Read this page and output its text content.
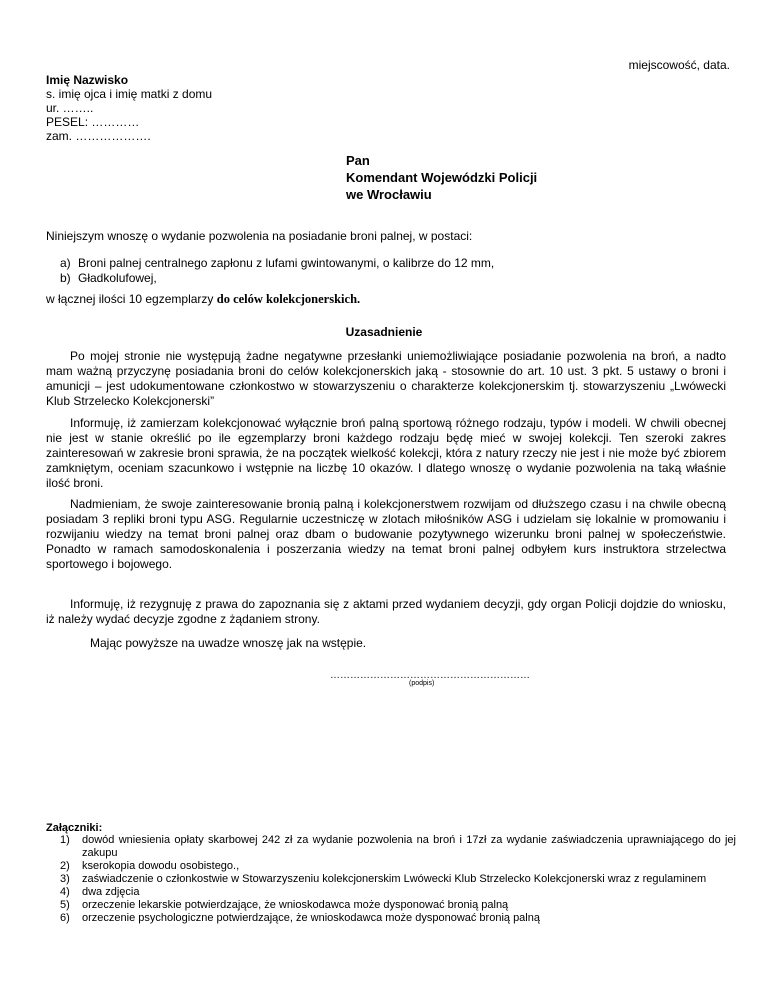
miejscowość, data.
Imię Nazwisko
s. imię ojca i imię matki z domu
ur. ……..
PESEL: …………
zam. ……………….
Pan
Komendant Wojewódzki Policji
we Wrocławiu
Niniejszym wnoszę o wydanie pozwolenia na posiadanie broni palnej, w postaci:
a) Broni palnej centralnego zapłonu z lufami gwintowanymi, o kalibrze do 12 mm,
b) Gładkolufowej,
w łącznej ilości 10 egzemplarzy do celów kolekcjonerskich.
Uzasadnienie
Po mojej stronie nie występują żadne negatywne przesłanki uniemożliwiające posiadanie pozwolenia na broń, a nadto mam ważną przyczynę posiadania broni do celów kolekcjonerskich jaką - stosownie do art. 10 ust. 3 pkt. 5 ustawy o broni i amunicji – jest udokumentowane członkostwo w stowarzyszeniu o charakterze kolekcjonerskim tj. stowarzyszeniu „Lwówecki Klub Strzelecko Kolekcjonerski”
Informuję, iż zamierzam kolekcjonować wyłącznie broń palną sportową różnego rodzaju, typów i modeli. W chwili obecnej nie jest w stanie określić po ile egzemplarzy broni każdego rodzaju będę mieć w swojej kolekcji. Ten szeroki zakres zainteresowań w zakresie broni sprawia, że na początek wielkość kolekcji, która z natury rzeczy nie jest i nie może być zbiorem zamkniętym, oceniam szacunkowo i wstępnie na liczbę 10 okazów. I dlatego wnoszę o wydanie pozwolenia na taką właśnie ilość broni.
Nadmieniam, że swoje zainteresowanie bronią palną i kolekcjonerstwem rozwijam od dłuższego czasu i na chwile obecną posiadam 3 repliki broni typu ASG. Regularnie uczestniczę w zlotach miłośników ASG i udzielam się lokalnie w promowaniu i rozwijaniu wiedzy na temat broni palnej oraz dbam o budowanie pozytywnego wizerunku broni palnej w społeczeństwie. Ponadto w ramach samodoskonalenia i poszerzania wiedzy na temat broni palnej odbyłem kurs instruktora strzelectwa sportowego i bojowego.
Informuję, iż rezygnuję z prawa do zapoznania się z aktami przed wydaniem decyzji, gdy organ Policji dojdzie do wniosku, iż należy wydać decyzje zgodne z żądaniem strony.
Mając powyższe na uwadze wnoszę jak na wstępie.
……………………………………………………
(podpis)
Załączniki:
1)	dowód wniesienia opłaty skarbowej 242 zł za wydanie pozwolenia na broń i 17zł za wydanie zaświadczenia uprawniającego do jej zakupu
2)	kserokopia dowodu osobistego.,
3)	zaświadczenie o członkostwie w Stowarzyszeniu kolekcjonerskim Lwówecki Klub Strzelecko Kolekcjonerski wraz z regulaminem
4)	dwa zdjęcia
5)	orzeczenie lekarskie potwierdzające, że wnioskodawca może dysponować bronią palną
6)	orzeczenie psychologiczne potwierdzające, że wnioskodawca może dysponować bronią palną
